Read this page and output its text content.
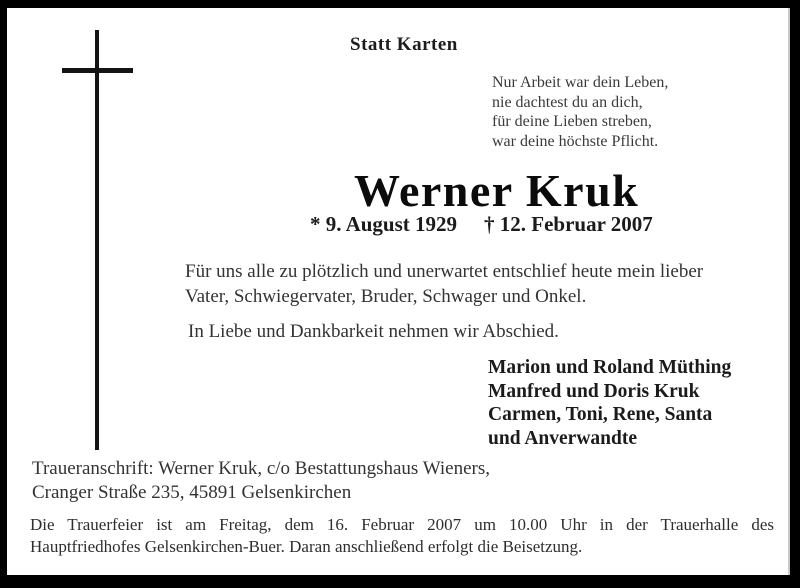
Statt Karten
Nur Arbeit war dein Leben,
nie dachtest du an dich,
für deine Lieben streben,
war deine höchste Pflicht.
Werner Kruk
* 9. August 1929 † 12. Februar 2007
Für uns alle zu plötzlich und unerwartet entschlief heute mein lieber
Vater, Schwiegervater, Bruder, Schwager und Onkel.
In Liebe und Dankbarkeit nehmen wir Abschied.
Marion und Roland Müthing
Manfred und Doris Kruk
Carmen, Toni, Rene, Santa
und Anverwandte
Traueranschrift: Werner Kruk, c/o Bestattungshaus Wieners,
Cranger Straße 235, 45891 Gelsenkirchen
Die Trauerfeier ist am Freitag, dem 16. Februar 2007 um 10.00 Uhr in der Trauerhalle des
Hauptfriedhofes Gelsenkirchen-Buer. Daran anschließend erfolgt die Beisetzung.
